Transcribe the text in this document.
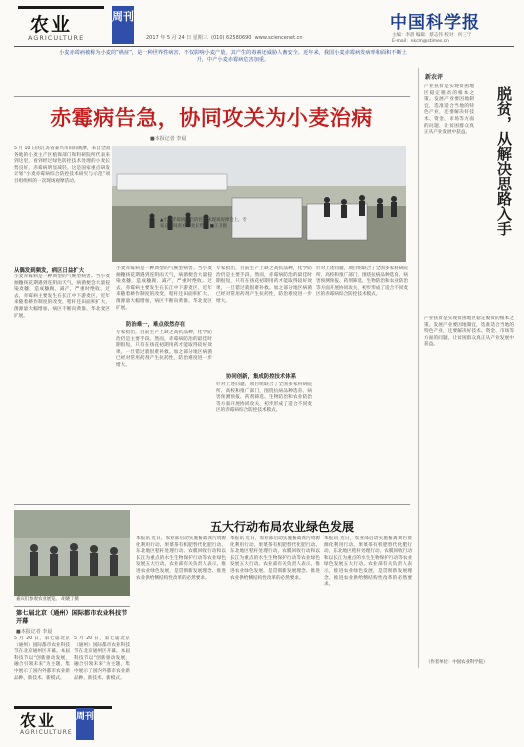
农业
AGRICULTURE
周刊
2017 年 5 月 24 日 星期三 (010) 62580690 www.sciencenet.cn
中国科学报
主编：李晨 编辑：蔡志伟 校对：何三宁
E-mail：nkcm@stimes.cn
小麦赤霉病被称为小麦的“癌症”，是一种世界性病害，不仅影响小麦产量，其产生的毒素还威胁人畜安全。近年来，我国小麦赤霉病发病率和面积不断上升，中产小麦赤霉病危害加重。
赤霉病告急，协同攻关为小麦治病
■本报记者 李晨
5 月 10 日的江苏省泰兴市田间观摩，来自全国各地的小麦主产区植保部门和科研院所代表来到这里，看到经过绿色防控技术处理的小麦长势良好，赤霉病明显减轻。这是国家重点研发计划“小麦赤霉病综合防控技术研究与示范”项目组组织的一次现场观摩活动。
▲小麦赤霉病综合防控技术现场观摩会上，专家在田间查看小麦长势。 ■王卫摄
从偶发到频发，病区日益扩大
小麦赤霉病是一种典型的气候型病害。当小麦抽穗扬花期遇到连阴雨天气，病菌便会大量侵染麦穗，造成穗腐、减产，严重时绝收。过去，赤霉病主要发生在长江中下游麦区，近年来随着耕作制度的改变，秸秆还田面积扩大，菌源量大幅增加，病区不断向黄淮、华北麦区扩展。
小麦赤霉病是一种典型的气候型病害。当小麦抽穗扬花期遇到连阴雨天气，病菌便会大量侵染麦穗，造成穗腐、减产，严重时绝收。过去，赤霉病主要发生在长江中下游麦区，近年来随着耕作制度的改变，秸秆还田面积扩大，菌源量大幅增加，病区不断向黄淮、华北麦区扩展。
防治难一，难点依然存在
专家指出，目前生产上缺乏高抗品种，化学防治仍是主要手段。然而，赤霉病防治的最佳时期很短，只有在扬花初期用药才能取得较好效果，一旦错过就很难补救。加之部分地区病菌已经对常用药剂产生抗药性，防治难度进一步增大。
专家指出，目前生产上缺乏高抗品种，化学防治仍是主要手段。然而，赤霉病防治的最佳时期很短，只有在扬花初期用药才能取得较好效果，一旦错过就很难补救。加之部分地区病菌已经对常用药剂产生抗药性，防治难度进一步增大。
协同创新，集成防控技术体系
针对上述问题，项目组联合了全国多家科研院所、高校和推广部门，围绕抗病品种选育、病害预测预报、药剂筛选、生物防治和农业防治等方面开展协同攻关，初步形成了适合不同麦区的赤霉病综合防控技术模式。
针对上述问题，项目组联合了全国多家科研院所、高校和推广部门，围绕抗病品种选育、病害预测预报、药剂筛选、生物防治和农业防治等方面开展协同攻关，初步形成了适合不同麦区的赤霉病综合防控技术模式。
新农评
脱贫，从解决思路入手
产业扶贫是实现贫困地区稳定脱贫的根本之策。发展产业要因地制宜，选准适合当地的特色产业，还要解决好技术、资金、市场等方面的问题，让贫困群众真正从产业发展中获益。
产业扶贫是实现贫困地区稳定脱贫的根本之策。发展产业要因地制宜，选准适合当地的特色产业，还要解决好技术、资金、市场等方面的问题，让贫困群众真正从产业发展中获益。
（作者单位：中国农业科学院）
五大行动布局农业绿色发展
本报讯 近日，农业部启动实施畜禽粪污资源化利用行动、果菜茶有机肥替代化肥行动、东北地区秸秆处理行动、农膜回收行动和以长江为重点的水生生物保护行动等农业绿色发展五大行动。农业部有关负责人表示，推进农业绿色发展，是贯彻新发展理念、推进农业供给侧结构性改革的必然要求。
本报讯 近日，农业部启动实施畜禽粪污资源化利用行动、果菜茶有机肥替代化肥行动、东北地区秸秆处理行动、农膜回收行动和以长江为重点的水生生物保护行动等农业绿色发展五大行动。农业部有关负责人表示，推进农业绿色发展，是贯彻新发展理念、推进农业供给侧结构性改革的必然要求。
本报讯 近日，农业部启动实施畜禽粪污资源化利用行动、果菜茶有机肥替代化肥行动、东北地区秸秆处理行动、农膜回收行动和以长江为重点的水生生物保护行动等农业绿色发展五大行动。农业部有关负责人表示，推进农业绿色发展，是贯彻新发展理念、推进农业供给侧结构性改革的必然要求。
嘉宾们参观农业展览。 胡晓丁摄
第七届北京（通州）国际都市农业科技节开幕
■本报记者 李晨
5 月 20 日，第七届北京（通州）国际都市农业科技节在北京通州区开幕。本届科技节以“创新驱动发展，融合引领未来”为主题，集中展示了国内外都市农业新品种、新技术、新模式。
5 月 20 日，第七届北京（通州）国际都市农业科技节在北京通州区开幕。本届科技节以“创新驱动发展，融合引领未来”为主题，集中展示了国内外都市农业新品种、新技术、新模式。
农业
AGRICULTURE
周刊
